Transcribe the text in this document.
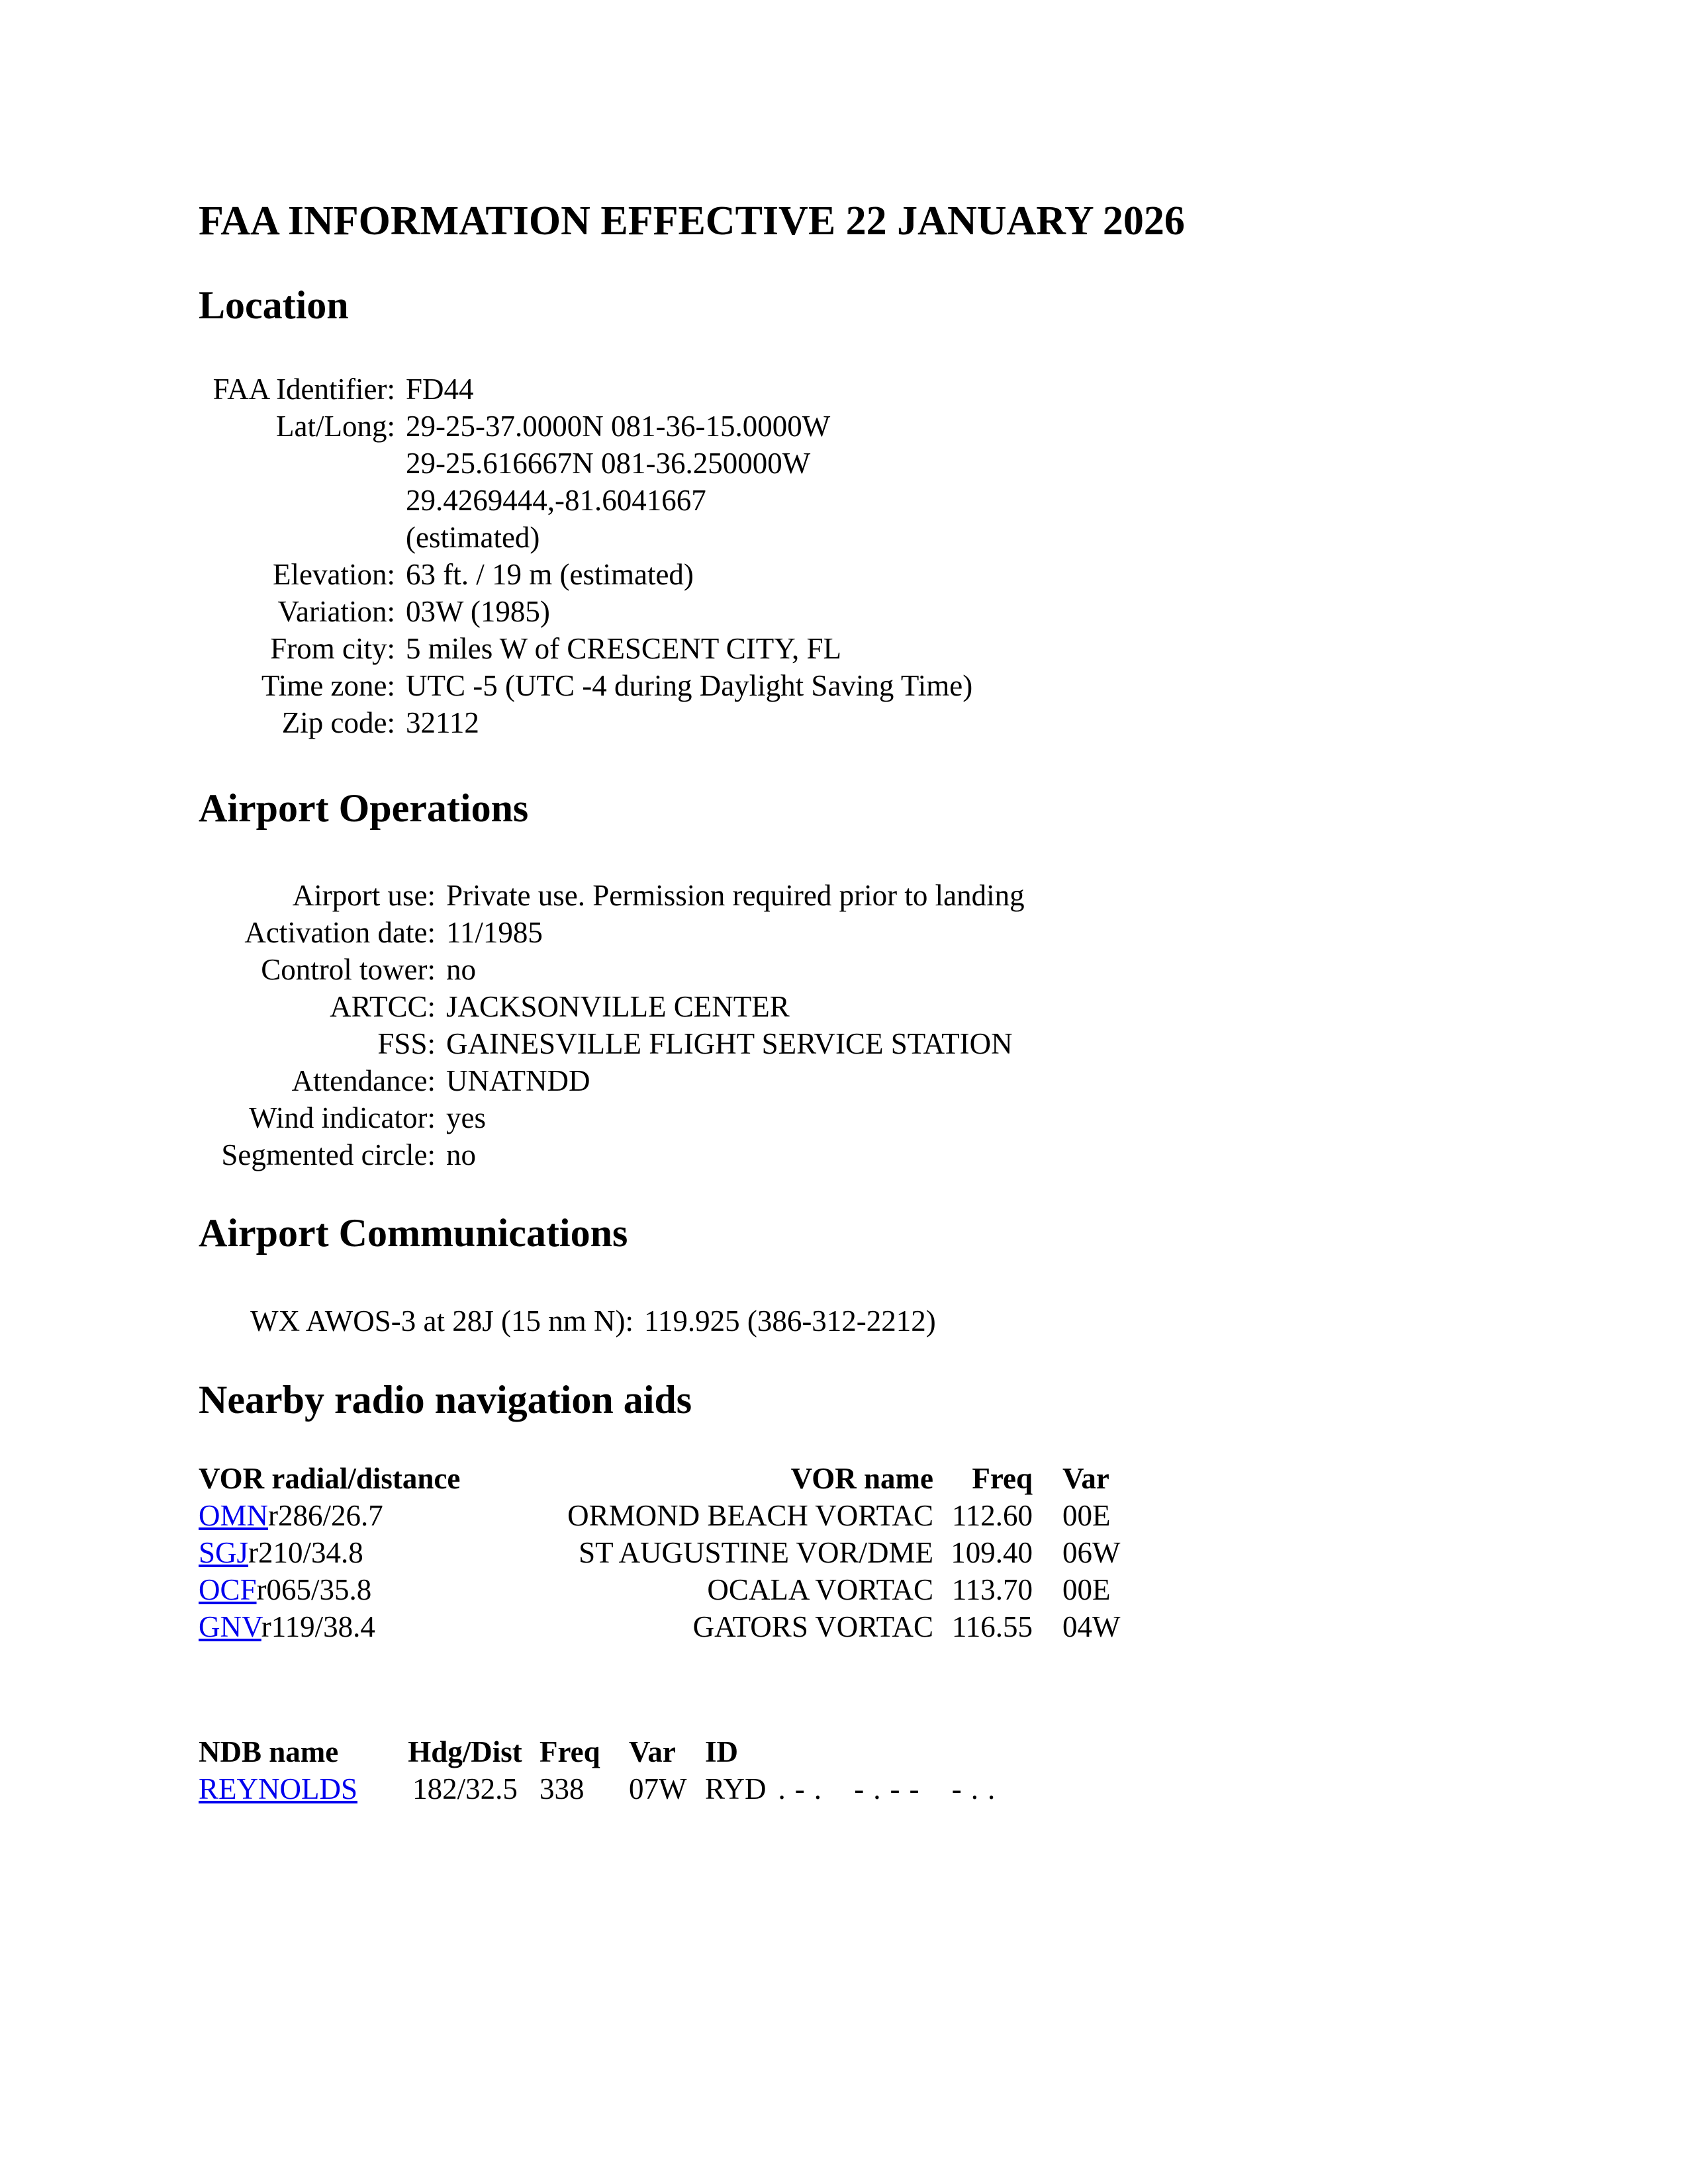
FAA INFORMATION EFFECTIVE 22 JANUARY 2026
Location
FAA Identifier:	FD44
Lat/Long:	29-25-37.0000N 081-36-15.0000W
29-25.616667N 081-36.250000W
29.4269444,-81.6041667
(estimated)

Elevation:	63 ft. / 19 m (estimated)
Variation:	03W (1985)
From city:	5 miles W of CRESCENT CITY, FL
Time zone:	UTC -5 (UTC -4 during Daylight Saving Time)
Zip code:	32112
Airport Operations
Airport use:	Private use. Permission required prior to landing
Activation date:	11/1985
Control tower:	no
ARTCC:	JACKSONVILLE CENTER
FSS:	GAINESVILLE FLIGHT SERVICE STATION
Attendance:	UNATNDD
Wind indicator:	yes
Segmented circle:	no
Airport Communications
WX AWOS-3 at 28J (15 nm N):	119.925 (386-312-2212)
Nearby radio navigation aids
VOR radial/distance	VOR name	Freq	Var
OMNr286/26.7	ORMOND BEACH VORTAC	112.60	00E
SGJr210/34.8	ST AUGUSTINE VOR/DME	109.40	06W
OCFr065/35.8	OCALA VORTAC	113.70	00E
GNVr119/38.4	GATORS VORTAC	116.55	04W
NDB name	Hdg/Dist	Freq	Var	ID
REYNOLDS	182/32.5	338	07W	RYD .-. -.-- -..
